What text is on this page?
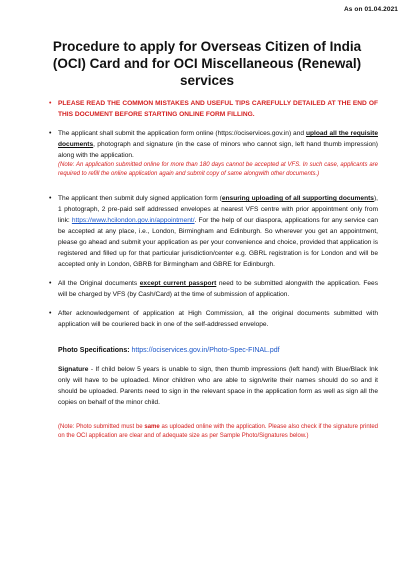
As on 01.04.2021
Procedure to apply for Overseas Citizen of India (OCI) Card and for OCI Miscellaneous (Renewal) services
• PLEASE READ THE COMMON MISTAKES AND USEFUL TIPS CAREFULLY DETAILED AT THE END OF THIS DOCUMENT BEFORE STARTING ONLINE FORM FILLING.
• The applicant shall submit the application form online (https://ociservices.gov.in) and upload all the requisite documents, photograph and signature (in the case of minors who cannot sign, left hand thumb impression) along with the application.
(Note: An application submitted online for more than 180 days cannot be accepted at VFS. In such case, applicants are required to refill the online application again and submit copy of same alongwith other documents.)
• The applicant then submit duly signed application form (ensuring uploading of all supporting documents), 1 photograph, 2 pre-paid self addressed envelopes at nearest VFS centre with prior appointment only from link: https://www.hcilondon.gov.in/appointment/. For the help of our diaspora, applications for any service can be accepted at any place, i.e., London, Birmingham and Edinburgh. So wherever you get an appointment, please go ahead and submit your application as per your convenience and choice, provided that application is registered and filled up for that particular jurisdiction/center e.g. GBRL registration is for London and will be accepted only in London, GBRB for Birmingham and GBRE for Edinburgh.
• All the Original documents except current passport need to be submitted alongwith the application. Fees will be charged by VFS (by Cash/Card) at the time of submission of application.
• After acknowledgement of application at High Commission, all the original documents submitted with application will be couriered back in one of the self-addressed envelope.
Photo Specifications: https://ociservices.gov.in/Photo-Spec-FINAL.pdf
Signature - If child below 5 years is unable to sign, then thumb impressions (left hand) with Blue/Black Ink only will have to be uploaded. Minor children who are able to sign/write their names should do so and it should be uploaded. Parents need to sign in the relevant space in the application form as well as sign all the copies on behalf of the minor child.
(Note: Photo submitted must be same as uploaded online with the application. Please also check if the signature printed on the OCI application are clear and of adequate size as per Sample Photo/Signatures below.)
